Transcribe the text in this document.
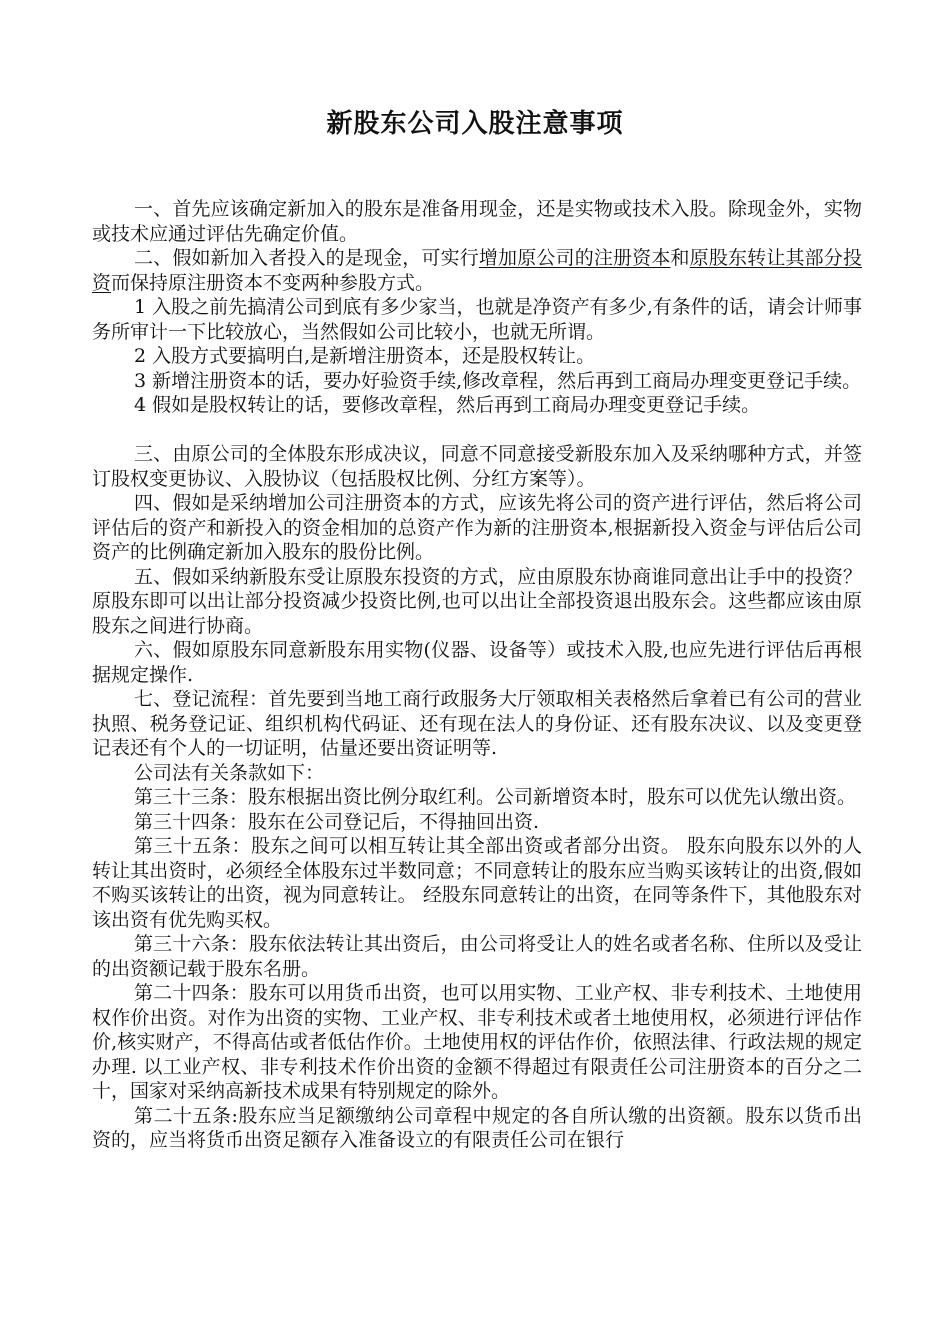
新股东公司入股注意事项

一、首先应该确定新加入的股东是准备用现金，还是实物或技术入股。除现金外，实物或技术应通过评估先确定价值。

二、假如新加入者投入的是现金，可实行增加原公司的注册资本和原股东转让其部分投资而保持原注册资本不变两种参股方式。

1 入股之前先搞清公司到底有多少家当，也就是净资产有多少,有条件的话，请会计师事务所审计一下比较放心，当然假如公司比较小，也就无所谓。

2 入股方式要搞明白,是新增注册资本，还是股权转让。

3 新增注册资本的话，要办好验资手续,修改章程，然后再到工商局办理变更登记手续。

4 假如是股权转让的话，要修改章程，然后再到工商局办理变更登记手续。

三、由原公司的全体股东形成决议，同意不同意接受新股东加入及采纳哪种方式，并签订股权变更协议、入股协议（包括股权比例、分红方案等）。

四、假如是采纳增加公司注册资本的方式，应该先将公司的资产进行评估，然后将公司评估后的资产和新投入的资金相加的总资产作为新的注册资本,根据新投入资金与评估后公司资产的比例确定新加入股东的股份比例。

五、假如采纳新股东受让原股东投资的方式，应由原股东协商谁同意出让手中的投资？原股东即可以出让部分投资减少投资比例,也可以出让全部投资退出股东会。这些都应该由原股东之间进行协商。

六、假如原股东同意新股东用实物(仪器、设备等）或技术入股,也应先进行评估后再根据规定操作.

七、登记流程：首先要到当地工商行政服务大厅领取相关表格然后拿着已有公司的营业执照、税务登记证、组织机构代码证、还有现在法人的身份证、还有股东决议、以及变更登记表还有个人的一切证明，估量还要出资证明等.

公司法有关条款如下：

第三十三条：股东根据出资比例分取红利。公司新增资本时，股东可以优先认缴出资。

第三十四条：股东在公司登记后，不得抽回出资.

第三十五条：股东之间可以相互转让其全部出资或者部分出资。 股东向股东以外的人转让其出资时，必须经全体股东过半数同意；不同意转让的股东应当购买该转让的出资,假如不购买该转让的出资，视为同意转让。 经股东同意转让的出资，在同等条件下，其他股东对该出资有优先购买权。

第三十六条：股东依法转让其出资后，由公司将受让人的姓名或者名称、住所以及受让的出资额记载于股东名册。

第二十四条：股东可以用货币出资，也可以用实物、工业产权、非专利技术、土地使用权作价出资。对作为出资的实物、工业产权、非专利技术或者土地使用权，必须进行评估作价,核实财产，不得高估或者低估作价。土地使用权的评估作价，依照法律、行政法规的规定办理. 以工业产权、非专利技术作价出资的金额不得超过有限责任公司注册资本的百分之二十，国家对采纳高新技术成果有特别规定的除外。

第二十五条:股东应当足额缴纳公司章程中规定的各自所认缴的出资额。股东以货币出资的，应当将货币出资足额存入准备设立的有限责任公司在银行
